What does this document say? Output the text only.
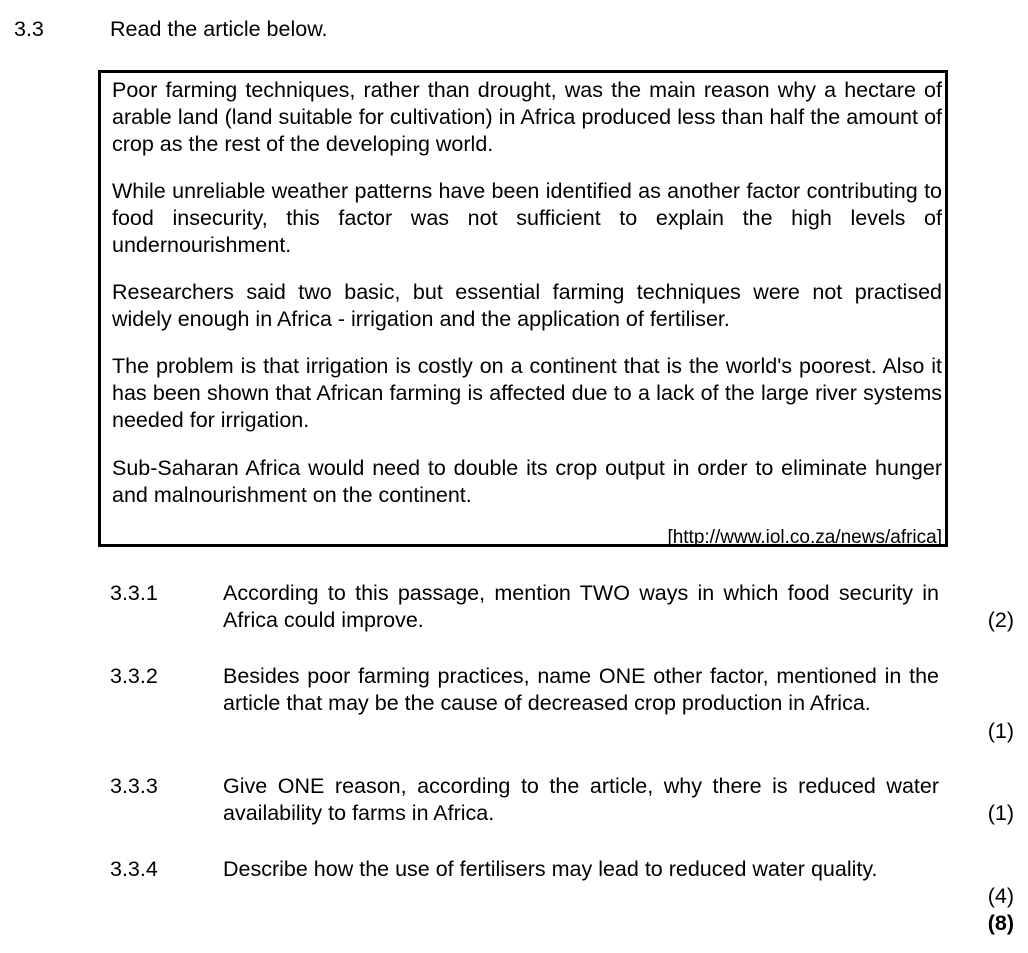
3.3	Read the article below.

Poor farming techniques, rather than drought, was the main reason why a hectare of arable land (land suitable for cultivation) in Africa produced less than half the amount of crop as the rest of the developing world.

While unreliable weather patterns have been identified as another factor contributing to food insecurity, this factor was not sufficient to explain the high levels of undernourishment.

Researchers said two basic, but essential farming techniques were not practised widely enough in Africa - irrigation and the application of fertiliser.

The problem is that irrigation is costly on a continent that is the world's poorest. Also it has been shown that African farming is affected due to a lack of the large river systems needed for irrigation.

Sub-Saharan Africa would need to double its crop output in order to eliminate hunger and malnourishment on the continent.

[http://www.iol.co.za/news/africa]
3.3.1	According to this passage, mention TWO ways in which food security in Africa could improve.	(2)
3.3.2	Besides poor farming practices, name ONE other factor, mentioned in the article that may be the cause of decreased crop production in Africa.
(1)
3.3.3	Give ONE reason, according to the article, why there is reduced water availability to farms in Africa.	(1)
3.3.4	Describe how the use of fertilisers may lead to reduced water quality.
(4)
(8)
